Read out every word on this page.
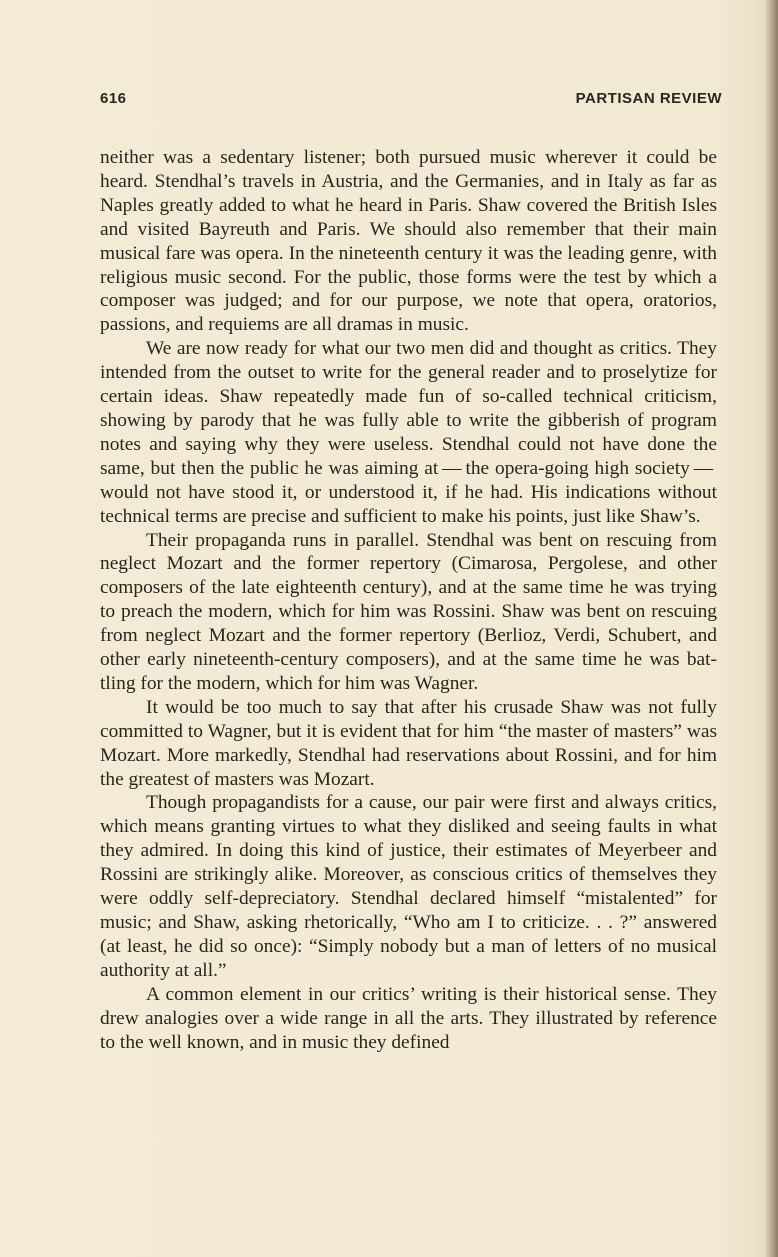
616	PARTISAN REVIEW

neither was a sedentary listener; both pursued music wherever it could be heard. Stendhal’s travels in Austria, and the Germanies, and in Italy as far as Naples greatly added to what he heard in Paris. Shaw covered the British Isles and visited Bayreuth and Paris. We should also remember that their main musical fare was opera. In the nineteenth century it was the leading genre, with religious music second. For the public, those forms were the test by which a composer was judged; and for our purpose, we note that opera, oratorios, passions, and requiems are all dramas in music.

We are now ready for what our two men did and thought as critics. They intended from the outset to write for the general reader and to proselytize for certain ideas. Shaw repeatedly made fun of so-called technical criticism, showing by parody that he was fully able to write the gibberish of program notes and saying why they were useless. Stendhal could not have done the same, but then the public he was aiming at — the opera-going high society — would not have stood it, or understood it, if he had. His indications without technical terms are precise and sufficient to make his points, just like Shaw’s.

Their propaganda runs in parallel. Stendhal was bent on rescuing from neglect Mozart and the former repertory (Cimarosa, Pergolese, and other composers of the late eighteenth century), and at the same time he was trying to preach the modern, which for him was Rossini. Shaw was bent on rescuing from neglect Mozart and the former repertory (Berlioz, Verdi, Schubert, and other early nineteenth-century composers), and at the same time he was battling for the modern, which for him was Wagner.

It would be too much to say that after his crusade Shaw was not fully committed to Wagner, but it is evident that for him “the master of masters” was Mozart. More markedly, Stendhal had reservations about Rossini, and for him the greatest of masters was Mozart.

Though propagandists for a cause, our pair were first and always critics, which means granting virtues to what they disliked and seeing faults in what they admired. In doing this kind of justice, their estimates of Meyerbeer and Rossini are strikingly alike. Moreover, as conscious critics of themselves they were oddly self-depreciatory. Stendhal declared himself “mistalented” for music; and Shaw, asking rhetorically, “Who am I to criticize. . . ?” answered (at least, he did so once): “Simply nobody but a man of letters of no musical authority at all.”

A common element in our critics’ writing is their historical sense. They drew analogies over a wide range in all the arts. They illustrated by reference to the well known, and in music they defined
